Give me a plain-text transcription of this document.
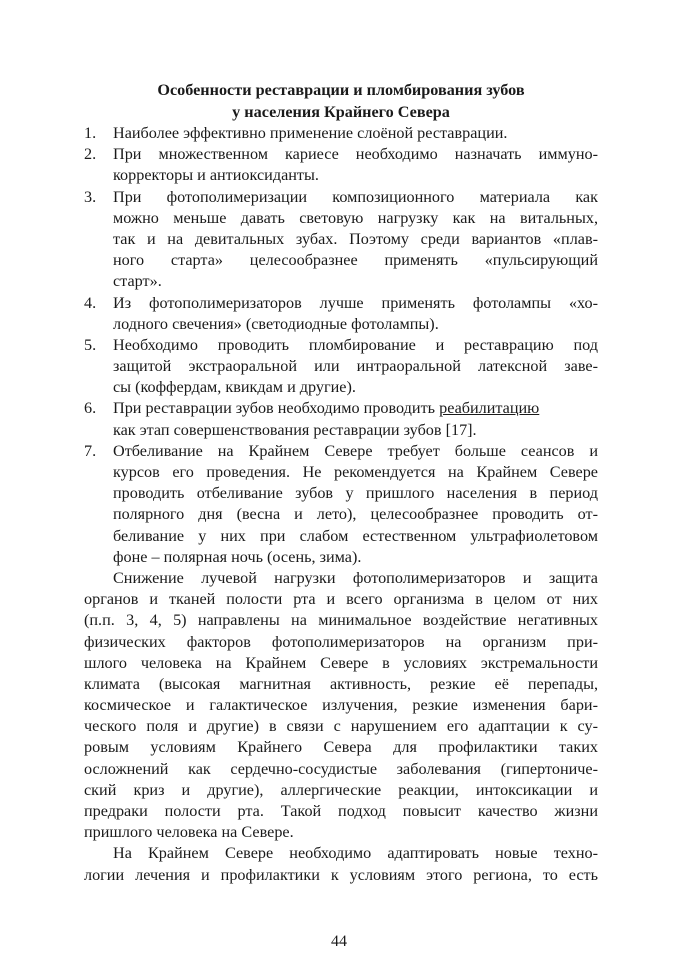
Особенности реставрации и пломбирования зубов
у населения Крайнего Севера
1. Наиболее эффективно применение слоёной реставрации.
2. При множественном кариесе необходимо назначать иммуно-
корректоры и антиоксиданты.
3. При фотополимеризации композиционного материала как
можно меньше давать световую нагрузку как на витальных,
так и на девитальных зубах. Поэтому среди вариантов «плав-
ного старта» целесообразнее применять «пульсирующий
старт».
4. Из фотополимеризаторов лучше применять фотолампы «хо-
лодного свечения» (светодиодные фотолампы).
5. Необходимо проводить пломбирование и реставрацию под
защитой экстраоральной или интраоральной латексной заве-
сы (коффердам, квикдам и другие).
6. При реставрации зубов необходимо проводить реабилитацию
как этап совершенствования реставрации зубов [17].
7. Отбеливание на Крайнем Севере требует больше сеансов и
курсов его проведения. Не рекомендуется на Крайнем Севере
проводить отбеливание зубов у пришлого населения в период
полярного дня (весна и лето), целесообразнее проводить от-
беливание у них при слабом естественном ультрафиолетовом
фоне – полярная ночь (осень, зима).
Снижение лучевой нагрузки фотополимеризаторов и защита
органов и тканей полости рта и всего организма в целом от них
(п.п. 3, 4, 5) направлены на минимальное воздействие негативных
физических факторов фотополимеризаторов на организм при-
шлого человека на Крайнем Севере в условиях экстремальности
климата (высокая магнитная активность, резкие её перепады,
космическое и галактическое излучения, резкие изменения бари-
ческого поля и другие) в связи с нарушением его адаптации к су-
ровым условиям Крайнего Севера для профилактики таких
осложнений как сердечно-сосудистые заболевания (гипертониче-
ский криз и другие), аллергические реакции, интоксикации и
предраки полости рта. Такой подход повысит качество жизни
пришлого человека на Севере.
На Крайнем Севере необходимо адаптировать новые техно-
логии лечения и профилактики к условиям этого региона, то есть
44
